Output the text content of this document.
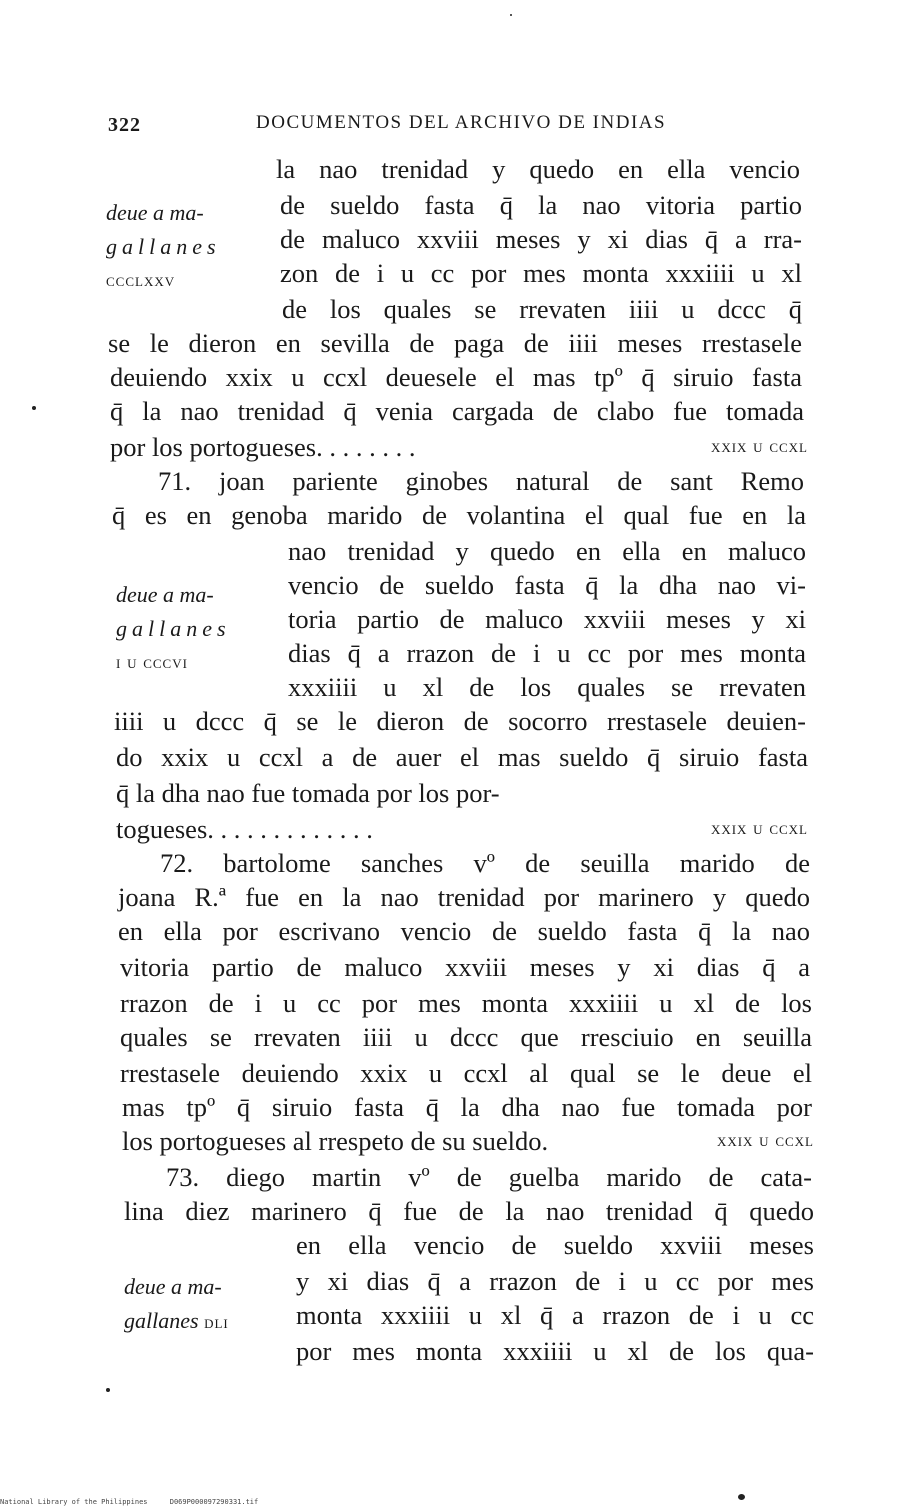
322	DOCUMENTOS DEL ARCHIVO DE INDIAS
deue a ma-
gallanes
ccclxxv
deue a ma-
gallanes
i u cccvi
deue a ma-
gallanes dli
la nao trenidad y quedo en ella vencio
de sueldo fasta q̄ la nao vitoria partio
de maluco xxviii meses y xi dias q̄ a rra-
zon de i u cc por mes monta xxxiiii u xl
de los quales se rrevaten iiii u dccc q̄
se le dieron en sevilla de paga de iiii meses rrestasele
deuiendo xxix u ccxl deuesele el mas tpº q̄ siruio fasta
q̄ la nao trenidad q̄ venia cargada de clabo fue tomada
por los portogueses. . . . . . . .	xxix u ccxl
71. joan pariente ginobes natural de sant Remo
q̄ es en genoba marido de volantina el qual fue en la
nao trenidad y quedo en ella en maluco
vencio de sueldo fasta q̄ la dha nao vi-
toria partio de maluco xxviii meses y xi
dias q̄ a rrazon de i u cc por mes monta
xxxiiii u xl de los quales se rrevaten
iiii u dccc q̄ se le dieron de socorro rrestasele deuien-
do xxix u ccxl a de auer el mas sueldo q̄ siruio fasta
q̄ la dha nao fue tomada por los por-
togueses. . . . . . . . . . . . .	xxix u ccxl
72. bartolome sanches vº de seuilla marido de
joana R.ª fue en la nao trenidad por marinero y quedo
en ella por escrivano vencio de sueldo fasta q̄ la nao
vitoria partio de maluco xxviii meses y xi dias q̄ a
rrazon de i u cc por mes monta xxxiiii u xl de los
quales se rrevaten iiii u dccc que rresciuio en seuilla
rrestasele deuiendo xxix u ccxl al qual se le deue el
mas tpº q̄ siruio fasta q̄ la dha nao fue tomada por
los portogueses al rrespeto de su sueldo.	xxix u ccxl
73. diego martin vº de guelba marido de cata-
lina diez marinero q̄ fue de la nao trenidad q̄ quedo
en ella vencio de sueldo xxviii meses
y xi dias q̄ a rrazon de i u cc por mes
monta xxxiiii u xl q̄ a rrazon de i u cc
por mes monta xxxiiii u xl de los qua-
National Library of the Philippines	D069P000097290331.tif
